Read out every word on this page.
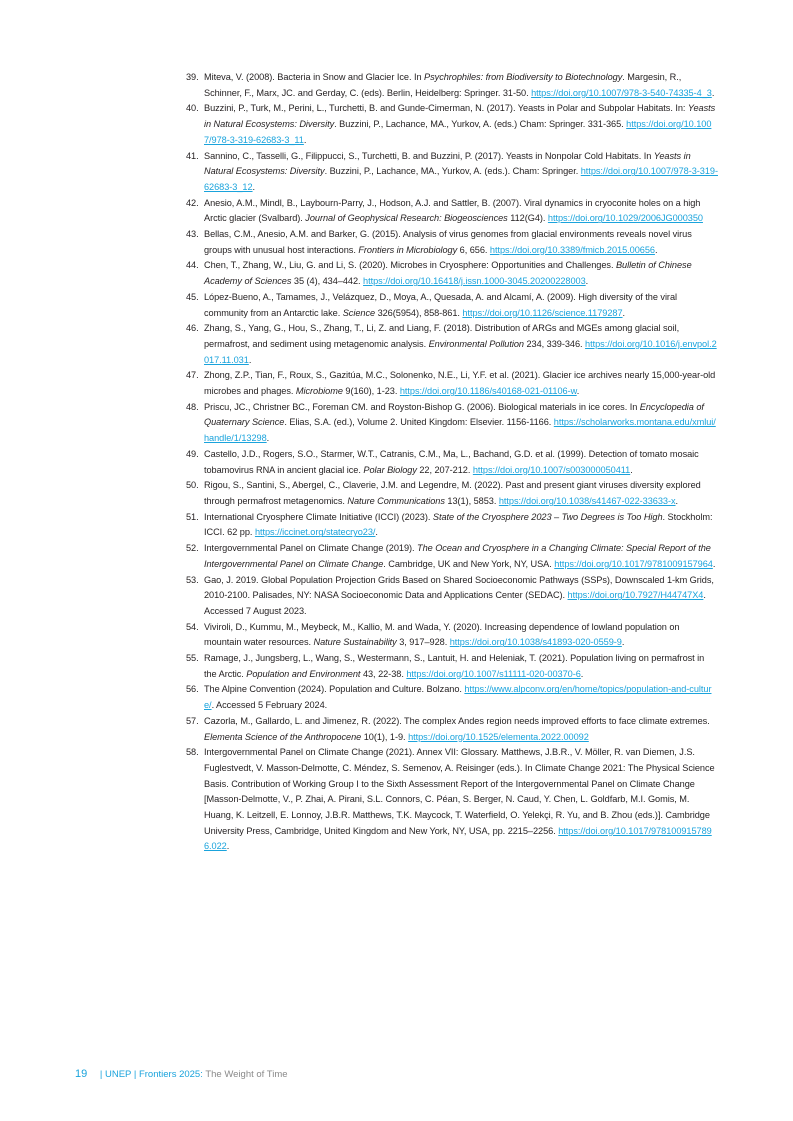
39. Miteva, V. (2008). Bacteria in Snow and Glacier Ice. In Psychrophiles: from Biodiversity to Biotechnology. Margesin, R., Schinner, F., Marx, JC. and Gerday, C. (eds). Berlin, Heidelberg: Springer. 31-50. https://doi.org/10.1007/978-3-540-74335-4_3.
40. Buzzini, P., Turk, M., Perini, L., Turchetti, B. and Gunde-Cimerman, N. (2017). Yeasts in Polar and Subpolar Habitats. In: Yeasts in Natural Ecosystems: Diversity. Buzzini, P., Lachance, MA., Yurkov, A. (eds.) Cham: Springer. 331-365. https://doi.org/10.1007/978-3-319-62683-3_11.
41. Sannino, C., Tasselli, G., Filippucci, S., Turchetti, B. and Buzzini, P. (2017). Yeasts in Nonpolar Cold Habitats. In Yeasts in Natural Ecosystems: Diversity. Buzzini, P., Lachance, MA., Yurkov, A. (eds.). Cham: Springer. https://doi.org/10.1007/978-3-319-62683-3_12.
42. Anesio, A.M., Mindl, B., Laybourn-Parry, J., Hodson, A.J. and Sattler, B. (2007). Viral dynamics in cryoconite holes on a high Arctic glacier (Svalbard). Journal of Geophysical Research: Biogeosciences 112(G4). https://doi.org/10.1029/2006JG000350
43. Bellas, C.M., Anesio, A.M. and Barker, G. (2015). Analysis of virus genomes from glacial environments reveals novel virus groups with unusual host interactions. Frontiers in Microbiology 6, 656. https://doi.org/10.3389/fmicb.2015.00656.
44. Chen, T., Zhang, W., Liu, G. and Li, S. (2020). Microbes in Cryosphere: Opportunities and Challenges. Bulletin of Chinese Academy of Sciences 35 (4), 434–442. https://doi.org/10.16418/j.issn.1000-3045.20200228003.
45. López-Bueno, A., Tamames, J., Velázquez, D., Moya, A., Quesada, A. and Alcamí, A. (2009). High diversity of the viral community from an Antarctic lake. Science 326(5954), 858-861. https://doi.org/10.1126/science.1179287.
46. Zhang, S., Yang, G., Hou, S., Zhang, T., Li, Z. and Liang, F. (2018). Distribution of ARGs and MGEs among glacial soil, permafrost, and sediment using metagenomic analysis. Environmental Pollution 234, 339-346. https://doi.org/10.1016/j.envpol.2017.11.031.
47. Zhong, Z.P., Tian, F., Roux, S., Gazitúa, M.C., Solonenko, N.E., Li, Y.F. et al. (2021). Glacier ice archives nearly 15,000-year-old microbes and phages. Microbiome 9(160), 1-23. https://doi.org/10.1186/s40168-021-01106-w.
48. Priscu, JC., Christner BC., Foreman CM. and Royston-Bishop G. (2006). Biological materials in ice cores. In Encyclopedia of Quaternary Science. Elias, S.A. (ed.), Volume 2. United Kingdom: Elsevier. 1156-1166. https://scholarworks.montana.edu/xmlui/handle/1/13298.
49. Castello, J.D., Rogers, S.O., Starmer, W.T., Catranis, C.M., Ma, L., Bachand, G.D. et al. (1999). Detection of tomato mosaic tobamovirus RNA in ancient glacial ice. Polar Biology 22, 207-212. https://doi.org/10.1007/s003000050411.
50. Rigou, S., Santini, S., Abergel, C., Claverie, J.M. and Legendre, M. (2022). Past and present giant viruses diversity explored through permafrost metagenomics. Nature Communications 13(1), 5853. https://doi.org/10.1038/s41467-022-33633-x.
51. International Cryosphere Climate Initiative (ICCI) (2023). State of the Cryosphere 2023 – Two Degrees is Too High. Stockholm: ICCI. 62 pp. https://iccinet.org/statecryo23/.
52. Intergovernmental Panel on Climate Change (2019). The Ocean and Cryosphere in a Changing Climate: Special Report of the Intergovernmental Panel on Climate Change. Cambridge, UK and New York, NY, USA. https://doi.org/10.1017/9781009157964.
53. Gao, J. 2019. Global Population Projection Grids Based on Shared Socioeconomic Pathways (SSPs), Downscaled 1-km Grids, 2010-2100. Palisades, NY: NASA Socioeconomic Data and Applications Center (SEDAC). https://doi.org/10.7927/H44747X4. Accessed 7 August 2023.
54. Viviroli, D., Kummu, M., Meybeck, M., Kallio, M. and Wada, Y. (2020). Increasing dependence of lowland population on mountain water resources. Nature Sustainability 3, 917–928. https://doi.org/10.1038/s41893-020-0559-9.
55. Ramage, J., Jungsberg, L., Wang, S., Westermann, S., Lantuit, H. and Heleniak, T. (2021). Population living on permafrost in the Arctic. Population and Environment 43, 22-38. https://doi.org/10.1007/s11111-020-00370-6.
56. The Alpine Convention (2024). Population and Culture. Bolzano. https://www.alpconv.org/en/home/topics/population-and-culture/. Accessed 5 February 2024.
57. Cazorla, M., Gallardo, L. and Jimenez, R. (2022). The complex Andes region needs improved efforts to face climate extremes. Elementa Science of the Anthropocene 10(1), 1-9. https://doi.org/10.1525/elementa.2022.00092
58. Intergovernmental Panel on Climate Change (2021). Annex VII: Glossary. Matthews, J.B.R., V. Möller, R. van Diemen, J.S. Fuglestvedt, V. Masson-Delmotte, C. Méndez, S. Semenov, A. Reisinger (eds.). In Climate Change 2021: The Physical Science Basis. Contribution of Working Group I to the Sixth Assessment Report of the Intergovernmental Panel on Climate Change [Masson-Delmotte, V., P. Zhai, A. Pirani, S.L. Connors, C. Péan, S. Berger, N. Caud, Y. Chen, L. Goldfarb, M.I. Gomis, M. Huang, K. Leitzell, E. Lonnoy, J.B.R. Matthews, T.K. Maycock, T. Waterfield, O. Yelekçi, R. Yu, and B. Zhou (eds.)]. Cambridge University Press, Cambridge, United Kingdom and New York, NY, USA, pp. 2215–2256. https://doi.org/10.1017/9781009157896.022.
19 | UNEP | Frontiers 2025: The Weight of Time
